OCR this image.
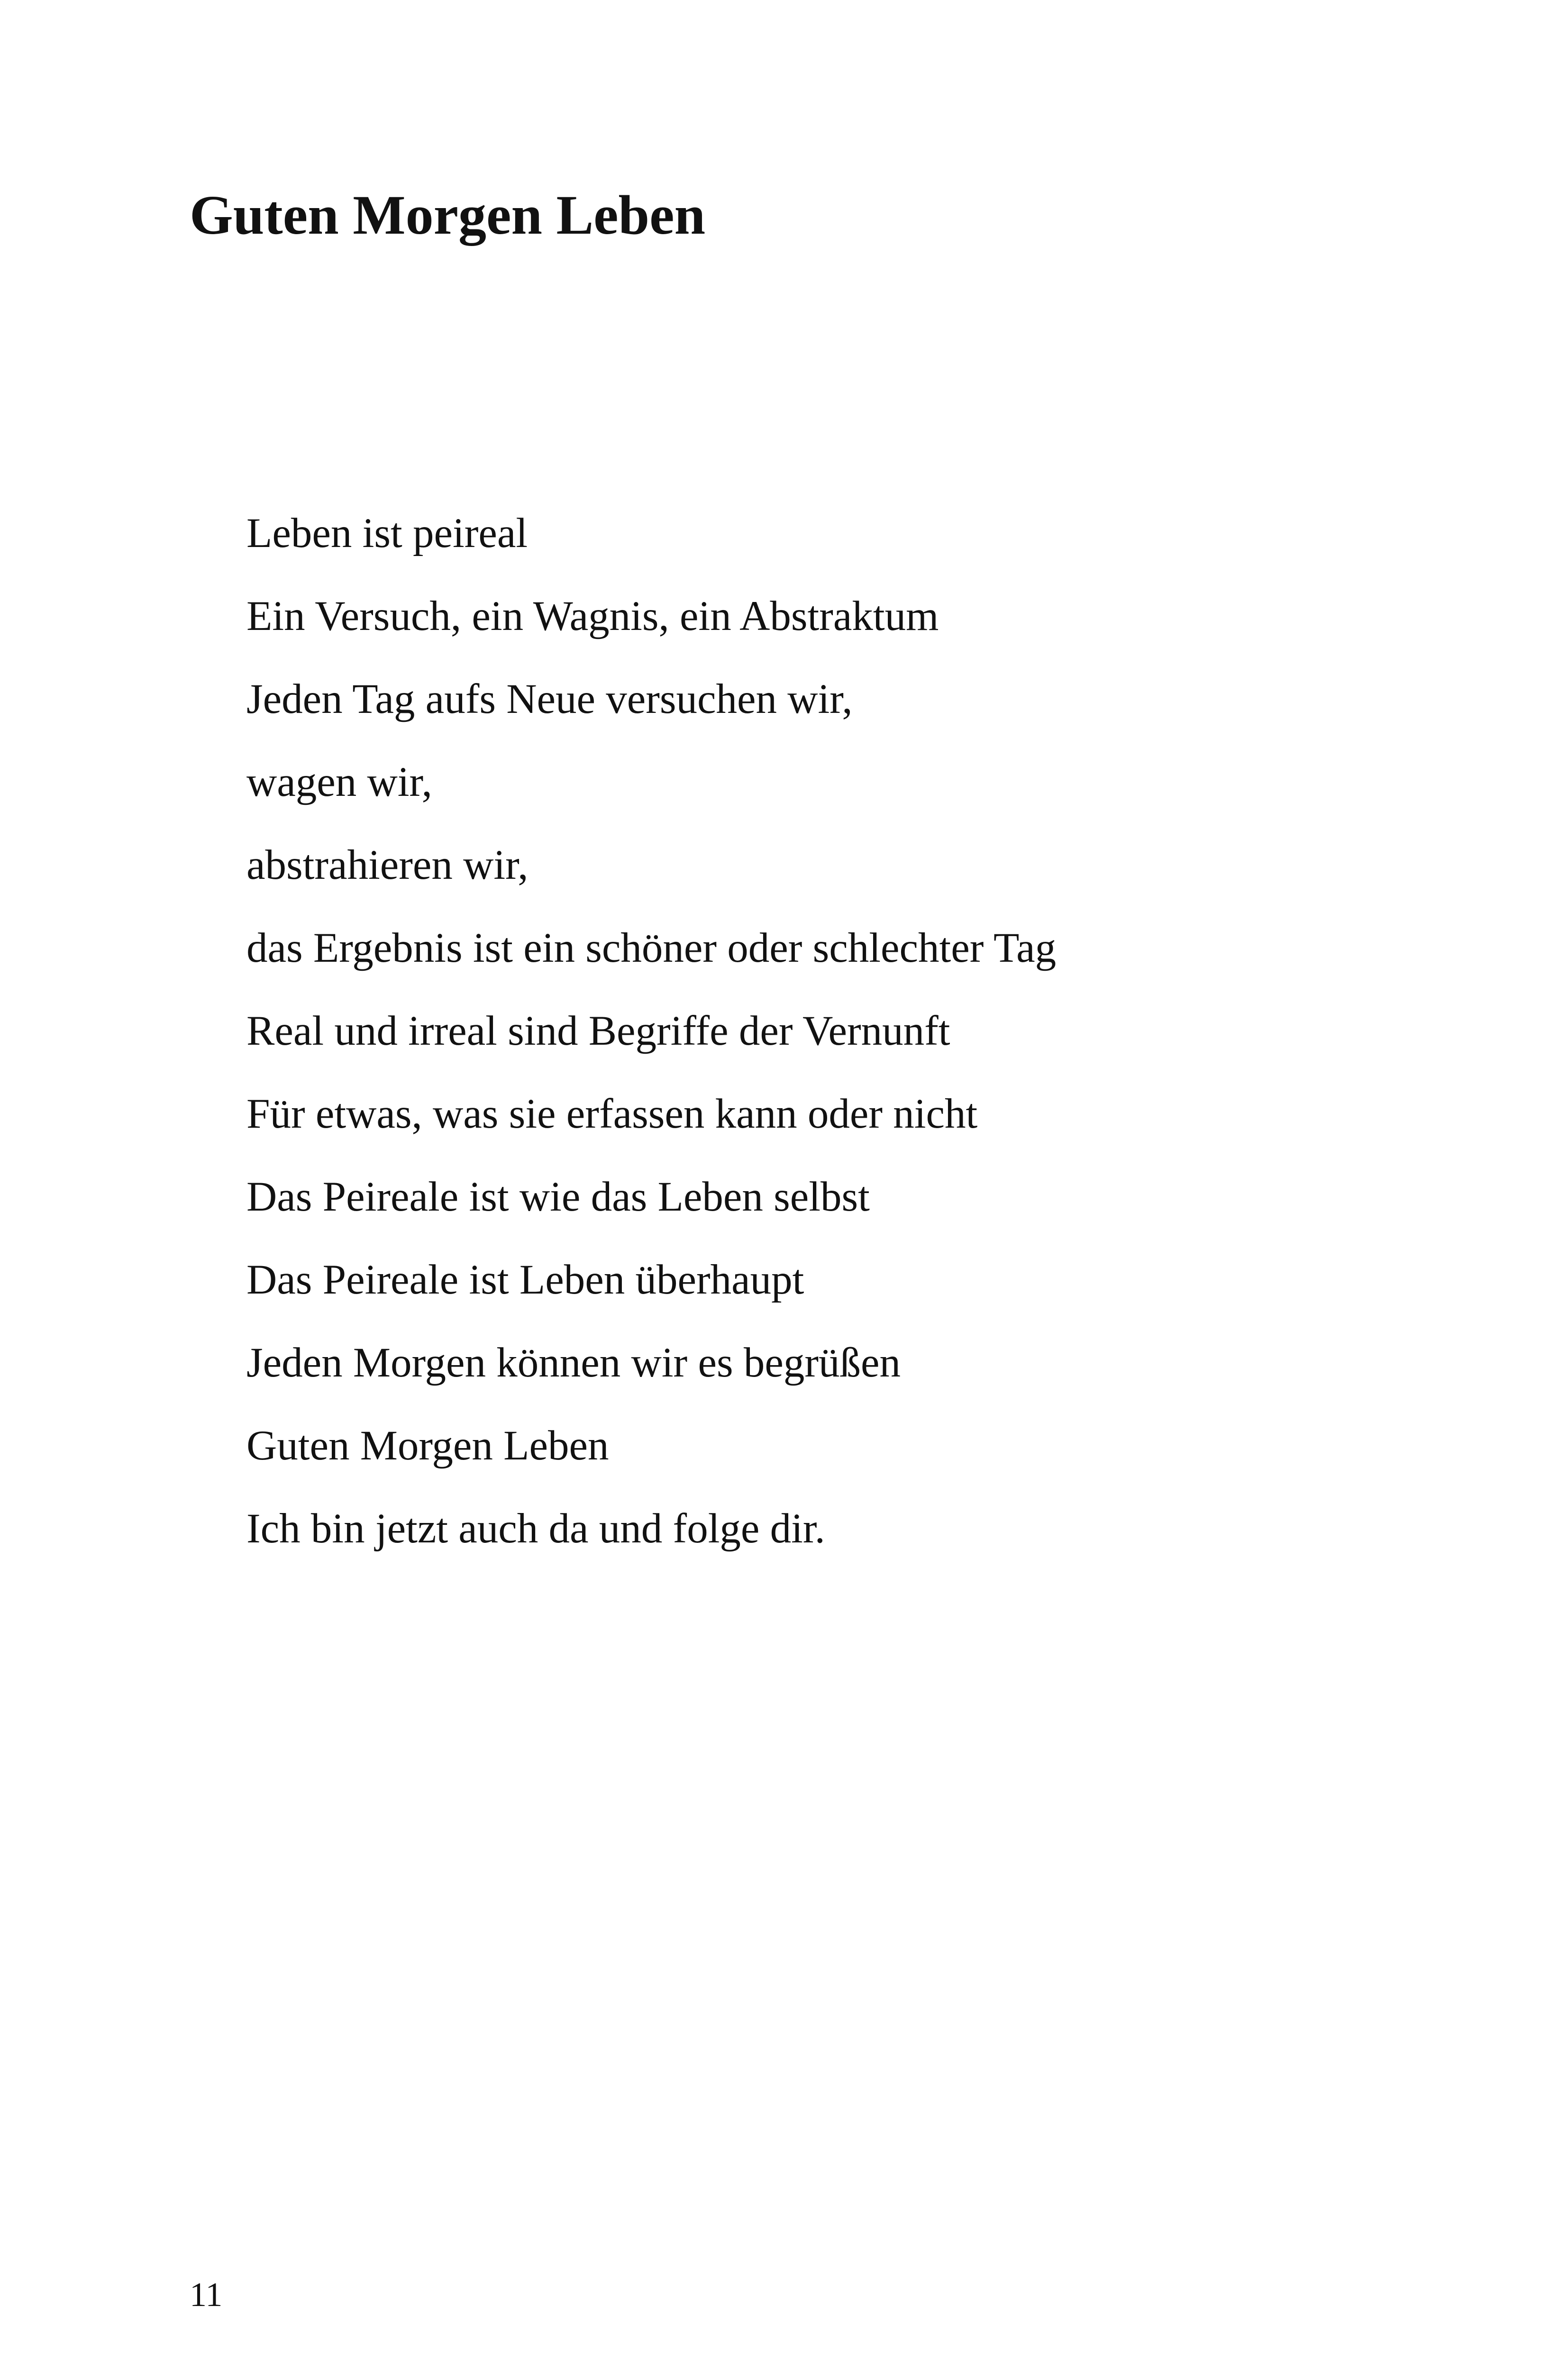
Guten Morgen Leben
Leben ist peireal
Ein Versuch, ein Wagnis, ein Abstraktum
Jeden Tag aufs Neue versuchen wir,
wagen wir,
abstrahieren wir,
das Ergebnis ist ein schöner oder schlechter Tag
Real und irreal sind Begriffe der Vernunft
Für etwas, was sie erfassen kann oder nicht
Das Peireale ist wie das Leben selbst
Das Peireale ist Leben überhaupt
Jeden Morgen können wir es begrüßen
Guten Morgen Leben
Ich bin jetzt auch da und folge dir.
11
